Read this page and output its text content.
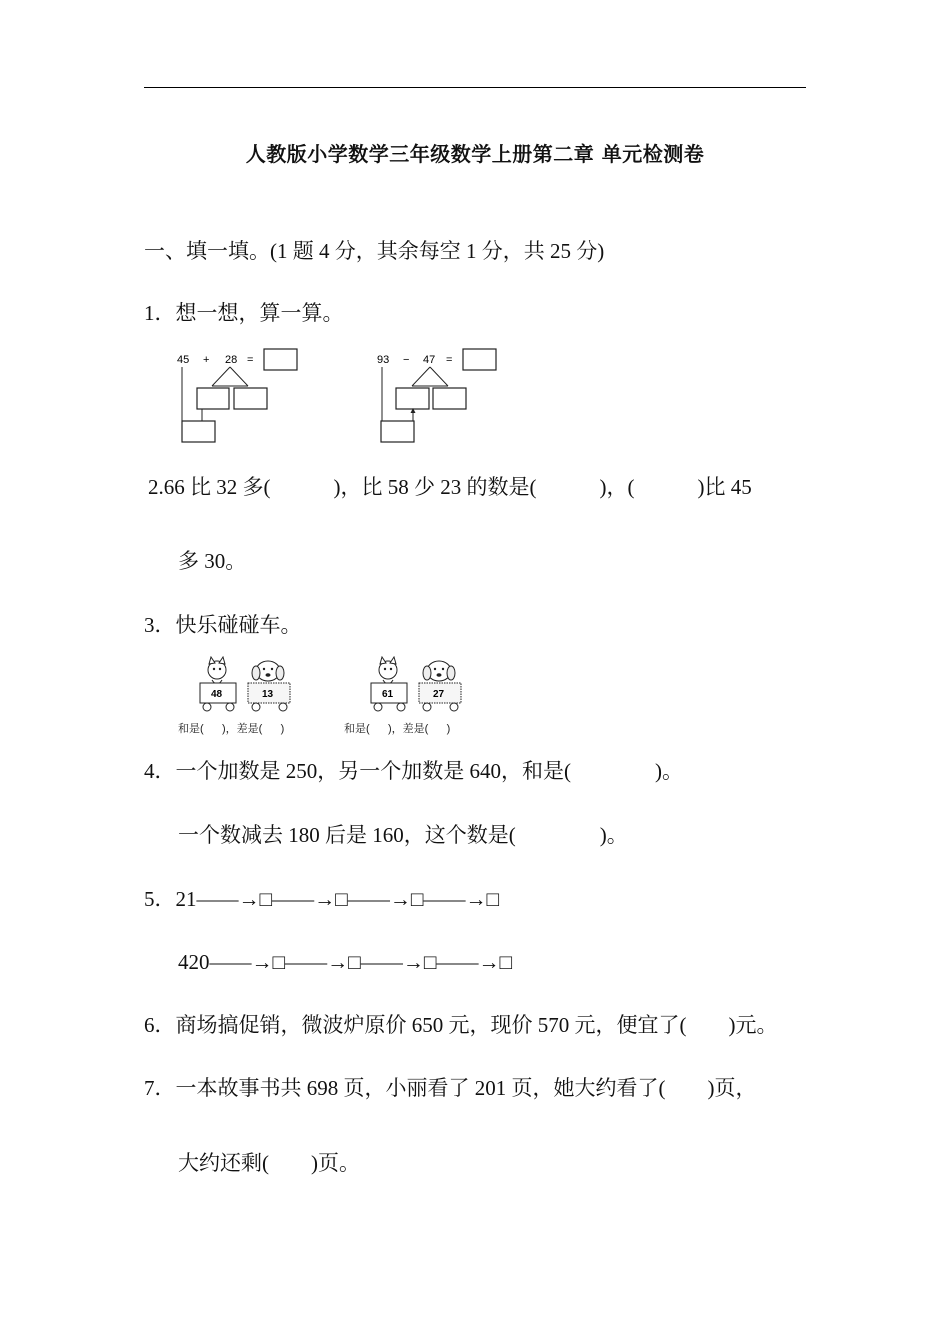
人教版小学数学三年级数学上册第二章 单元检测卷
一、填一填。(1 题 4 分，其余每空 1 分，共 25 分)
1．想一想，算一算。
45 + 28 =	93 − 47 =
2.66 比 32 多(            )，比 58 少 23 的数是(            )，(            )比 45
多 30。
3．快乐碰碰车。
48	13
和是(      )，差是(      )
61	27
和是(      )，差是(      )
4．一个加数是 250，另一个加数是 640，和是(                )。
一个数减去 180 后是 160，这个数是(                )。
5．21——→□——→□——→□——→□
420——→□——→□——→□——→□
6．商场搞促销，微波炉原价 650 元，现价 570 元，便宜了(        )元。
7．一本故事书共 698 页，小丽看了 201 页，她大约看了(        )页，
大约还剩(        )页。
